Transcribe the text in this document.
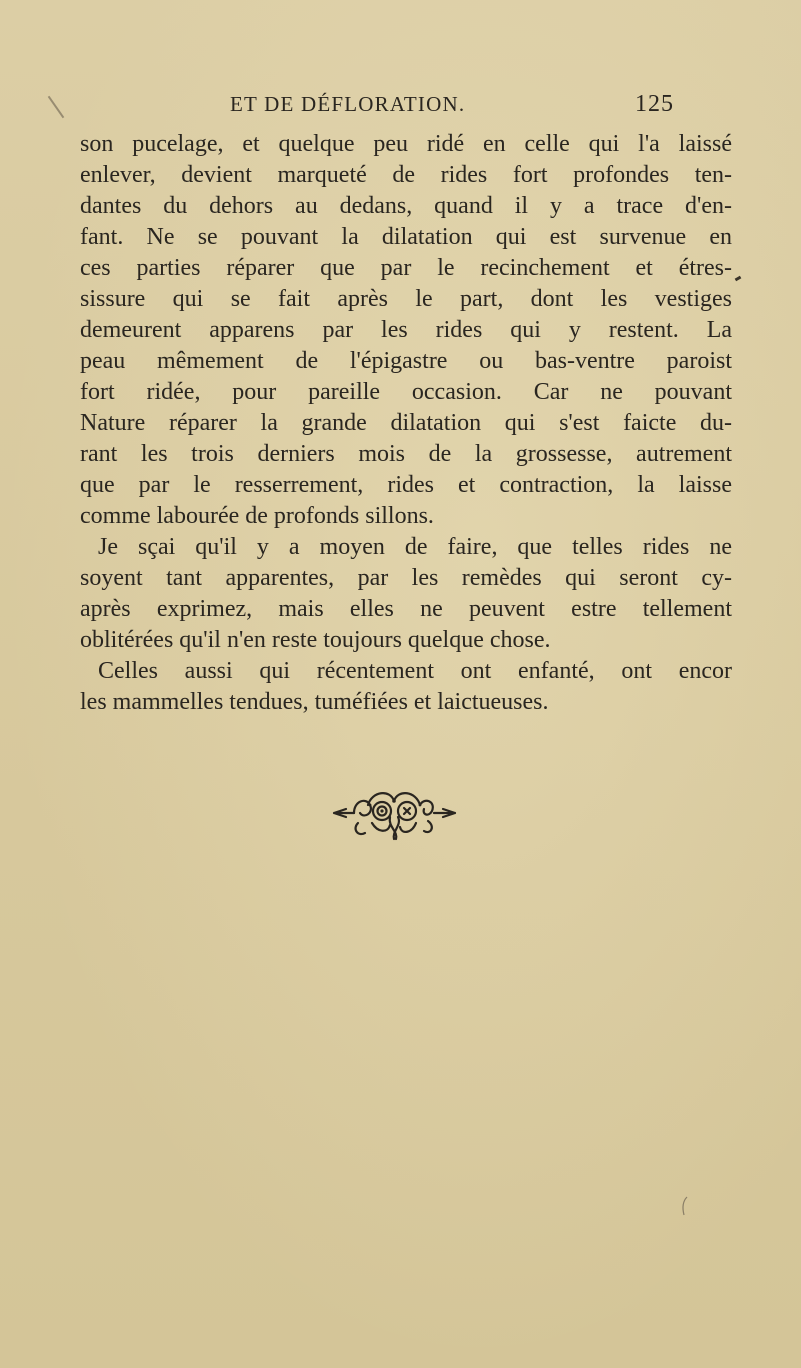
ET DE DÉFLORATION.	125
son pucelage, et quelque peu ridé en celle qui l'a laissé
enlever, devient marqueté de rides fort profondes ten-
dantes du dehors au dedans, quand il y a trace d'en-
fant. Ne se pouvant la dilatation qui est survenue en
ces parties réparer que par le recinchement et étres-
sissure qui se fait après le part, dont les vestiges
demeurent apparens par les rides qui y restent. La
peau mêmement de l'épigastre ou bas-ventre paroist
fort ridée, pour pareille occasion. Car ne pouvant
Nature réparer la grande dilatation qui s'est faicte du-
rant les trois derniers mois de la grossesse, autrement
que par le resserrement, rides et contraction, la laisse
comme labourée de profonds sillons.
Je sçai qu'il y a moyen de faire, que telles rides ne
soyent tant apparentes, par les remèdes qui seront cy-
après exprimez, mais elles ne peuvent estre tellement
oblitérées qu'il n'en reste toujours quelque chose.
Celles aussi qui récentement ont enfanté, ont encor
les mammelles tendues, tuméfiées et laictueuses.
